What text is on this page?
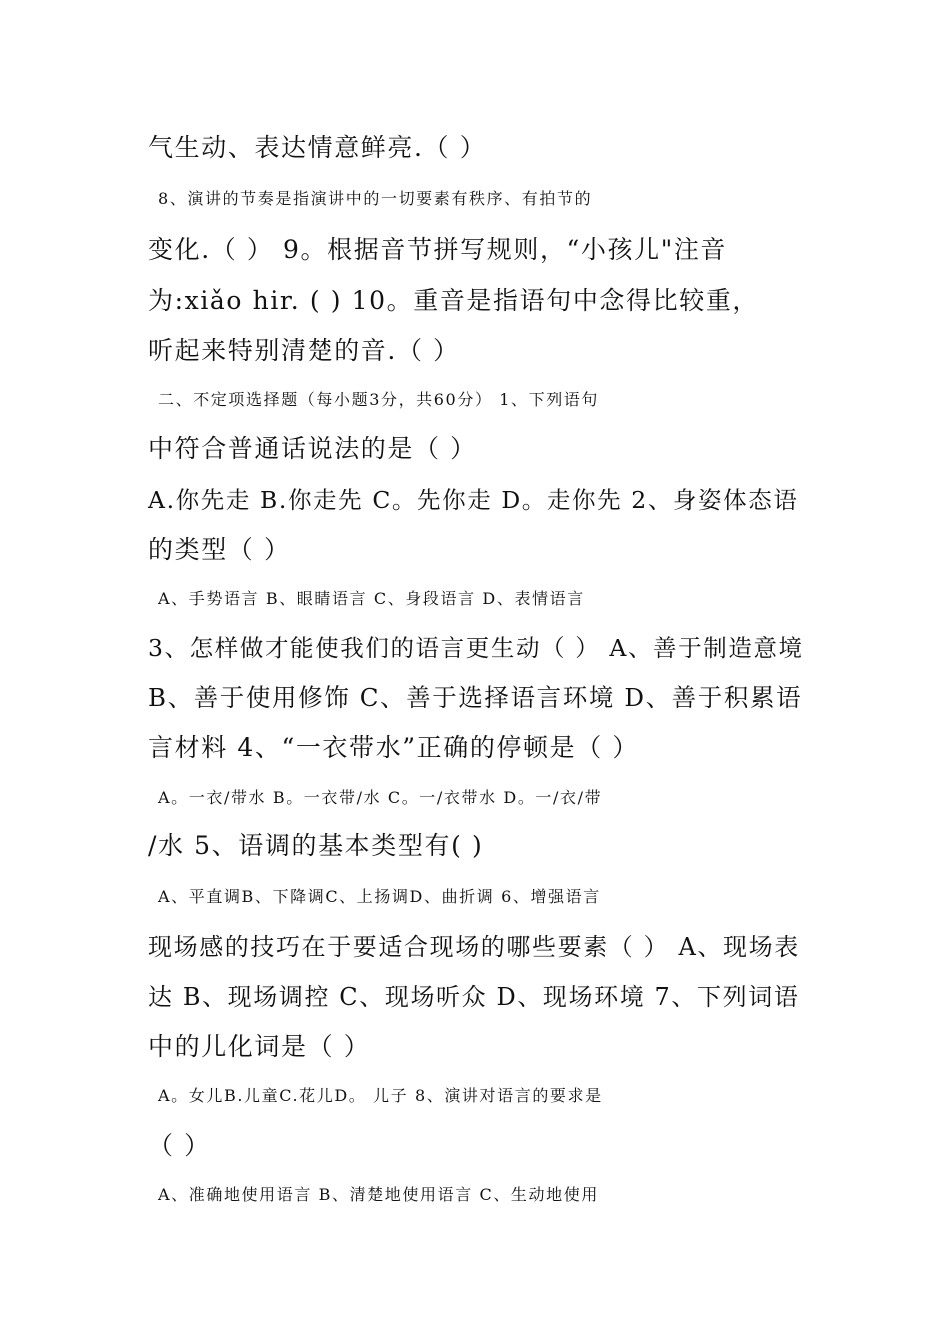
气生动、表达情意鲜亮.（ ）
8、演讲的节奏是指演讲中的一切要素有秩序、有拍节的
变化.（ ） 9。根据音节拼写规则，“小孩儿"注音
为:xiǎo hir. ( ) 10。重音是指语句中念得比较重，
听起来特别清楚的音.（ ）
二、不定项选择题（每小题3分，共60分） 1、下列语句
中符合普通话说法的是（ ）
A.你先走 B.你走先 C。先你走 D。走你先 2、身姿体态语
的类型（ ）
A、手势语言 B、眼睛语言 C、身段语言 D、表情语言
3、怎样做才能使我们的语言更生动（ ） A、善于制造意境
B、善于使用修饰 C、善于选择语言环境 D、善于积累语
言材料 4、“一衣带水”正确的停顿是（ ）
A。一衣/带水 B。一衣带/水 C。一/衣带水 D。一/衣/带
/水 5、语调的基本类型有( )
A、平直调B、下降调C、上扬调D、曲折调 6、增强语言
现场感的技巧在于要适合现场的哪些要素（ ） A、现场表
达 B、现场调控 C、现场听众 D、现场环境 7、下列词语
中的儿化词是（ ）
A。女儿B.儿童C.花儿D。 儿子 8、演讲对语言的要求是
（ ）
A、准确地使用语言 B、清楚地使用语言 C、生动地使用
